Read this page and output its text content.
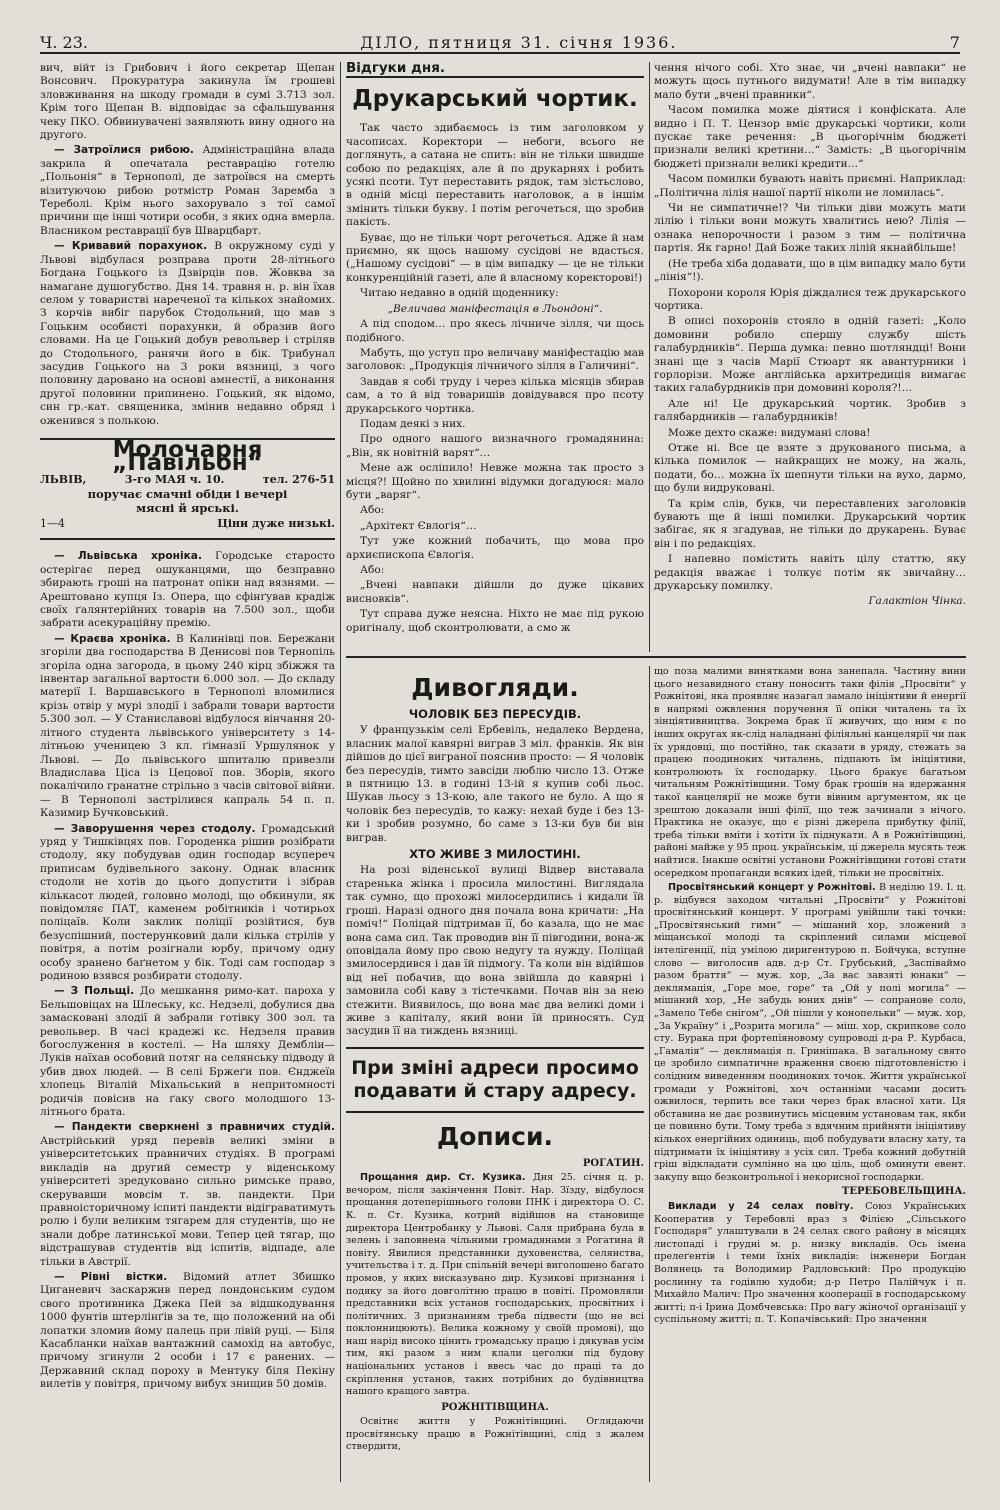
Ч. 23.	ДІЛО, пятниця 31. січня 1936.	7

вич, війт із Грибович і його секретар Щепан Вонсович. Прокуратура закинула їм грошеві зловживання на шкоду громади в сумі 3.713 зол. Крім того Щепан В. відповідає за сфальшування чеку ПКО. Обвинувачені заявляють вину одного на другого.

— Затроїлися рибою. Адміністраційна влада закрила й опечатала реставрацію готелю „Польонія“ в Тернополі, де затроївся на смерть візитуючою рибою ротмістр Роман Заремба з Тереболі. Крім нього захорувало з тої самої причини ще інші чотири особи, з яких одна вмерла. Власником реставрації був Шварцбарт.

— Кривавий порахунок. В окружному суді у Львові відбулася розправа проти 28-літнього Богдана Гоцького із Дзвірців пов. Жовква за намагане душогубство. Дня 14. травня н. р. він їхав селом у товаристві нареченої та кількох знайомих. З корчів вибіг парубок Стодольний, що мав з Гоцьким особисті порахунки, й образив його словами. На це Гоцький добув револьвер і стріляв до Стодольного, ранячи його в бік. Трибунал засудив Гоцького на 3 роки вязниці, з чого половину даровано на основі амнестії, а виконання другої половини припинено. Гоцький, як відомо, син гр.-кат. священика, змінив недавно обряд і оженився з полькою.

Молочарня „Павільон“
ЛЬВІВ,	3-го МАЯ ч. 10.	тел. 276-51
поручає смачні обіди і вечері
мясні й ярські.
1—4	Ціни дуже низькі.

— Львівська хроніка. Городське старосто остерігає перед ошуканцями, що безправно збирають гроші на патронат опіки над вязнями. — Арештовано купця Із. Опера, що сфінґував крадіж своїх ґалянтерійних товарів на 7.500 зол., щоби забрати асекураційну премію.

— Краєва хроніка. В Калинівці пов. Бережани згоріли два господарства В Денисові пов Тернопіль згоріла одна загорода, в цьому 240 кірц збіжжя та інвентар загальної вартости 6.000 зол. — До складу матерії І. Варшавського в Тернополі вломилися крізь отвір у мурі злодії і забрали товари вартости 5.300 зол. — У Станиславові відбулося вінчання 20-літного студента львівського університету з 14-літньою ученицею 3 кл. ґімназії Уршулянок у Львові. — До львівського шпиталю привезли Владислава Ціса із Цецової пов. Зборів, якого покалічило гранатне стрільно з часів світової війни. — В Тернополі застрілився капраль 54 п. п. Казимир Бучковський.

— Заворушення через стодолу. Громадський уряд у Тишківцях пов. Городенка рішив розібрати стодолу, яку побудував один господар всупереч приписам будівельного закону. Однак власник стодоли не хотів до цього допустити і зібрав кількасот людей, головно молоді, що обкинули, як повідомляє ПАТ, каменем робітників і чотирьох поліцаїв. Коли заклик поліції розійтися, був безуспішний, постерунковий дали кілька стрілів у повітря, а потім розігнали юрбу, причому одну особу зранено баґнетом у бік. Тоді сам господар з родиною взявся розбирати стодолу.

— З Польщі. До мешкання римо-кат. пароха у Бельшовіцах на Шлеську, кс. Недзелі, добулися два замасковані злодії й забрали готівку 300 зол. та револьвер. В часі крадежі кс. Недзеля правив богослуження в костелі. — На шляху Дембліи—Луків наїхав особовий потяг на селянську підводу й убив двох людей. — В селі Бржеґи пов. Єнджеїв хлопець Віталій Міхальський в непритомності родичів повісив на ґаку свого молодшого 13-літнього брата.

— Пандекти сверкнені з правничих студій. Австрійський уряд перевів великі зміни в університетських правничих студіях. В програмі викладів на другий семестр у віденському університеті зредуковано сильно римське право, скерувавши мовсім т. зв. пандекти. При правноісторичному іспиті пандекти відіграватимуть ролю і були великим тягарем для студентів, що не знали добре латинської мови. Тепер цей тягар, що відстрашував студентів від іспитів, відпаде, але тільки в Австрії.

— Рівні вістки. Відомий атлет Збишко Циганевич заскаржив перед лондонським судом свого противника Джека Пей за відшкодування 1000 фунтів штерлінґів за те, що положений на обі лопатки зломив йому палець при лівій руці. — Біля Касабланки наїхав вантажний самохід на автобус, причому згинули 2 особи і 17 є ранених. — Державний склад пороху в Ментуку біля Пекіну вилетів у повітря, причому вибух знищив 50 домів.

Відгуки дня.
Друкарський чортик.

Так часто здибаємось із тим заголовком у часописах. Коректори — небоги, всього не доглянуть, а сатана не спить: він не тільки швидше собою по редакціях, але й по друкарнях і робить усякі псоти. Тут переставить рядок, там зістьслово, в одній місці переставить наголовок, а в іншім змінить тільки букву. І потім регочеться, що зробив пакість.

Буває, що не тільки чорт регочеться. Адже й нам приємно, як щось нашому сусідові не вдасться. („Нашому сусідові“ — в цім випадку — це не тільки конкуренційній ґазеті, але й власному коректорові!)

Читаю недавно в одній щоденнику:

„Величава маніфестація в Льондоні“.

А під сподом… про якесь лічниче зілля, чи щось подібного.

Мабуть, що уступ про величаву маніфестацію мав заголовок: „Продукція лічничого зілля в Галичині“.

Завдав я собі труду і через кілька місяців збирав сам, а то й від товаришів довідувався про псоту друкарського чортика.

Подам деякі з них.

Про одного нашого визначного громадянина: „Він, як новітній варят“…

Мене аж осліпило! Невже можна так просто з місця?! Щойно по хвилині відумки догадуюся: мало бути „варяг“.

Або:

„Архітект Євлогія“…

Тут уже кожний побачить, що мова про архиєпископа Євлогія.

Або:

„Вчені навпаки дійшли до дуже цікавих висновків“.

Тут справа дуже неясна. Ніхто не має під рукою оригіналу, щоб сконтролювати, а смо ж

чення нічого собі. Хто знає, чи „вчені навпаки“ не можуть щось путнього видумати! Але в тім випадку мало бути „вчені правники“.

Часом помилка може діятися і конфіската. Але видно і П. Т. Цензор вміє друкарські чортики, коли пускає таке речення: „В цьогорічнім бюджеті признали великі кретини…“ Замість: „В цьогорічнім бюджеті признали великі кредити…“

Часом помилки бувають навіть приємні. Наприклад: „Політична лілія нашої партії ніколи не ломилась“.

Чи не симпатичне!? Чи тільки діви можуть мати лілію і тільки вони можуть хвалитись нею? Лілія — ознака непорочности і разом з тим — політична партія. Як гарно! Дай Боже таких лілій якнайбільше!

(Не треба хіба додавати, що в цім випадку мало бути „лінія“!).

Похорони короля Юрія діждалися теж друкарського чортика.

В описі похоронів стояло в одній газеті: „Коло домовини робило спершу службу шість галабурдників“. Перша думка: певно шотляндці! Вони знані ще з часів Марії Стюарт як авантурники і горлорізи. Може англійська архитредиція вимагає таких галабурдників при домовині короля?!…

Але ні! Це друкарський чортик. Зробив з галябардників — галабурдників!

Може дехто скаже: видумані слова!

Отже ні. Все це взяте з друкованого письма, а кілька помилок — найкращих не можу, на жаль, подати, бо… можна їх шепнути тільки на вухо, дармо, що були видруковані.

Та крім слів, букв, чи переставлених заголовків бувають ще й інші помилки. Друкарський чортик забігає, як я згадував, не тільки до друкарень. Буває він і по редакціях.

І напевно помістить навіть цілу статтю, яку редакція вважає і толкує потім як звичайну… друкарську помилку.

Галактіон Чінка.

Дивогляди.
ЧОЛОВІК БЕЗ ПЕРЕСУДІВ.

У французькім селі Ербевіль, недалеко Вердена, власник малої кавярні виграв 3 міл. франків. Як він дійшов до цієї виграної пояснив просто: — Я чоловік без пересудів, тимто завсіди люблю число 13. Отже в пятницю 13. в годині 13-ій я купив собі льос. Шукав льосу з 13-кою, але такого не було. А що я чоловік без пересудів, то кажу: нехай буде і без 13-ки і зробив розумно, бо саме з 13-ки був би він виграв.

ХТО ЖИВЕ З МИЛОСТИНІ.

На розі віденської вулиці Відвер виставала старенька жінка і просила милостині. Виглядала так сумно, що прохожі милосердились і кидали їй гроші. Наразі одного дня почала вона кричати: „На поміч!“ Поліцай підтримав її, бо казала, що не має вона сама сил. Так проводив він її півгодини, вона-ж оповідала йому про свою недугу та нужду. Поліцай змилосердився і дав їй підмогу. Та коли він відійшов від неї побачив, що вона звійшла до кавярні і замовила собі каву з тістечками. Почав він за нею стежити. Виявилось, що вона має два великі доми і живе з капіталу, який вони їй приносять. Суд засудив її на тиждень вязниці.

При зміні адреси просимо подавати й стару адресу.
Дописи.
РОГАТИН.

Прощання дир. Ст. Кузика. Дня 25. січня ц. р. вечором, після закінчення Повіт. Нар. Зїзду, відбулося прощання дотеперішнього голови ПНК і директора О. С. К. п. Ст. Кузика, котрий відійшов на становище директора Центробанку у Львові. Саля прибрана була в зелень і заповнена чільними громадянами з Рогатина й повіту. Явилися представники духовенства, селянства, учительства і т. д. При спільній вечері виголошено багато промов, у яких висказувано дир. Кузикові признання і подяку за його довголітню працю в повіті. Промовляли представники всіх установ господарських, просвітних і політичних. З признанням треба підвести (що не всі поклонницюють). Велика кожному у своїй промові), що наш нарід високо цінить громадську працю і дякував усім тим, які разом з ним клали цеголки під будову національних установ і ввесь час до праці та до скріплення установ, таких потрібних до будівництва нашого кращого завтра.

РОЖНІТІВЩИНА.

Освітнє життя у Рожнітівщині. Оглядаючи просвітянську працю в Рожнітівщині, слід з жалем ствердити,

що поза малими винятками вона занепала. Частину вини цього незавидного стану поносить таки філія „Просвіти“ у Рожнітові, яка проявляє назагал замало ініціятиви й енергії в напрямі ожвлення поручення її опіки читалень та їх зінціятивництва. Зокрема брак її живучих, що ним є по інших округах як-слід наладнані філіяльні канцелярії чи пак їх урядовці, що постійно, так сказати в уряду, стежать за працею поодиноких читалень, підпають їм ініціятиви, контролюють їх господарку. Цього бракує багатьом читальням Рожнітівщини. Тому брак грошів на вдержання такої канцелярії не може бути вівним арґументом, як це зрештою доказали інші філії, що теж зачинали з нічого. Практика не оказує, що є різні джерела прибутку філії, треба тільки вміти і хотіти їх піднукати. А в Рожнітівщині, районі майже у 95 проц. українськім, ці джерела мусять теж найтися. Інакше освітні установи Рожнітівщини готові стати осередком пропаганди всяких ідей, тільки не просвітніх.

Просвітянський концерт у Рожнітові. В неділю 19. І. ц. р. відбувся заходом читальні „Просвіти“ у Рожнітові просвітянський концерт. У програмі увійшли такі точки: „Просвітянський гимн“ — мішаний хор, зложений з міщанської молоді та скріплений силами місцевої інтелігенції, під умілою диригентурою п. Бойчука, вступне слово — виголосив адв. д-р Ст. Грубський, „Заспіваймо разом браття“ — муж. хор, „За вас завзяті юнаки“ — деклямація, „Горе мое, горе“ та „Ой у полі могила“ — мішаний хор, „Не забудь юних днів“ — сопранове соло, „Замело Тебе снігом“, „Ой пішли у конопельки“ — муж. хор, „За Україну“ і „Розрита могила“ — міш. хор, скрипкове соло сту. Бурака при фортепіяновому супроводі д-ра Р. Курбаса, „Гамалія“ — деклямація п. Гринішака. В загальному свято це зробило симпатичне враження своєю підготовленістю і солідним виведенням поодиноких точок. Життя української громади у Рожнітові, хоч останніми часами досить ожвилося, терпить все таки через брак власної хати. Ця обставина не дає розвинутись місцевим установам так, якби це повинно бути. Тому треба з вдячним прийняти ініціятиву кількох енергійних одиниць, щоб побудувати власну хату, та підтримати їх ініціятиву з усіх сил. Треба кожний добутній гріш відкладати сумлінно на цю ціль, щоб оминути евент. закупу вщо безконтрольної і некорисної господарки.

ТЕРЕБОВЕЛЬЩИНА.

Виклади у 24 селах повіту. Союз Українських Кооператив у Теребовлі враз з Філією „Сільського Господаря“ улаштували в 24 селах свого району в місяцях листопаді і грудні м. р. низку викладів. Ось імена прелеґентів і теми їхніх викладів: інженери Богдан Волянець та Володимир Радловський: Про продукцію рослинну та годівлю худоби; д-р Петро Палійчук і п. Михайло Малич: Про значення кооперації в господарському житті; п-і Ірина Домбчевська: Про вагу жіночої організації у суспільному житті; п. Т. Копачівський: Про значення
